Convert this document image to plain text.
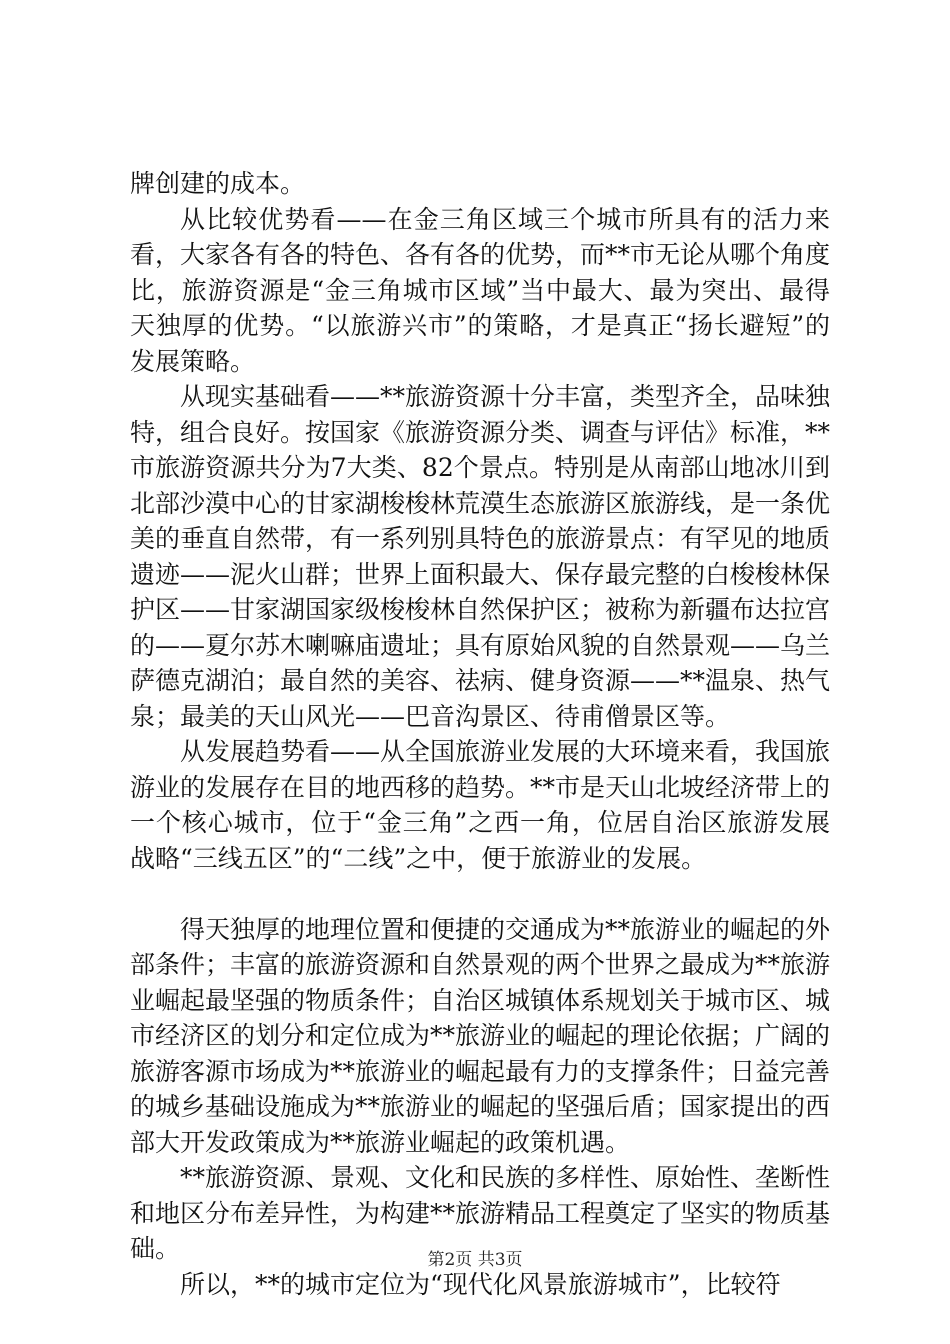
牌创建的成本。

从比较优势看——在金三角区域三个城市所具有的活力来看，大家各有各的特色、各有各的优势，而**市无论从哪个角度比，旅游资源是“金三角城市区域”当中最大、最为突出、最得天独厚的优势。“以旅游兴市”的策略，才是真正“扬长避短”的发展策略。

从现实基础看——**旅游资源十分丰富，类型齐全，品味独特，组合良好。按国家《旅游资源分类、调查与评估》标准，**市旅游资源共分为7大类、82个景点。特别是从南部山地冰川到北部沙漠中心的甘家湖梭梭林荒漠生态旅游区旅游线，是一条优美的垂直自然带，有一系列别具特色的旅游景点：有罕见的地质遗迹——泥火山群；世界上面积最大、保存最完整的白梭梭林保护区——甘家湖国家级梭梭林自然保护区；被称为新疆布达拉宫的——夏尔苏木喇嘛庙遗址；具有原始风貌的自然景观——乌兰萨德克湖泊；最自然的美容、祛病、健身资源——**温泉、热气泉；最美的天山风光——巴音沟景区、待甫僧景区等。

从发展趋势看——从全国旅游业发展的大环境来看，我国旅游业的发展存在目的地西移的趋势。**市是天山北坡经济带上的一个核心城市，位于“金三角”之西一角，位居自治区旅游发展战略“三线五区”的“二线”之中，便于旅游业的发展。

得天独厚的地理位置和便捷的交通成为**旅游业的崛起的外部条件；丰富的旅游资源和自然景观的两个世界之最成为**旅游业崛起最坚强的物质条件；自治区城镇体系规划关于城市区、城市经济区的划分和定位成为**旅游业的崛起的理论依据；广阔的旅游客源市场成为**旅游业的崛起最有力的支撑条件；日益完善的城乡基础设施成为**旅游业的崛起的坚强后盾；国家提出的西部大开发政策成为**旅游业崛起的政策机遇。

**旅游资源、景观、文化和民族的多样性、原始性、垄断性和地区分布差异性，为构建**旅游精品工程奠定了坚实的物质基础。

所以，**的城市定位为“现代化风景旅游城市”，比较符

第2页 共3页
